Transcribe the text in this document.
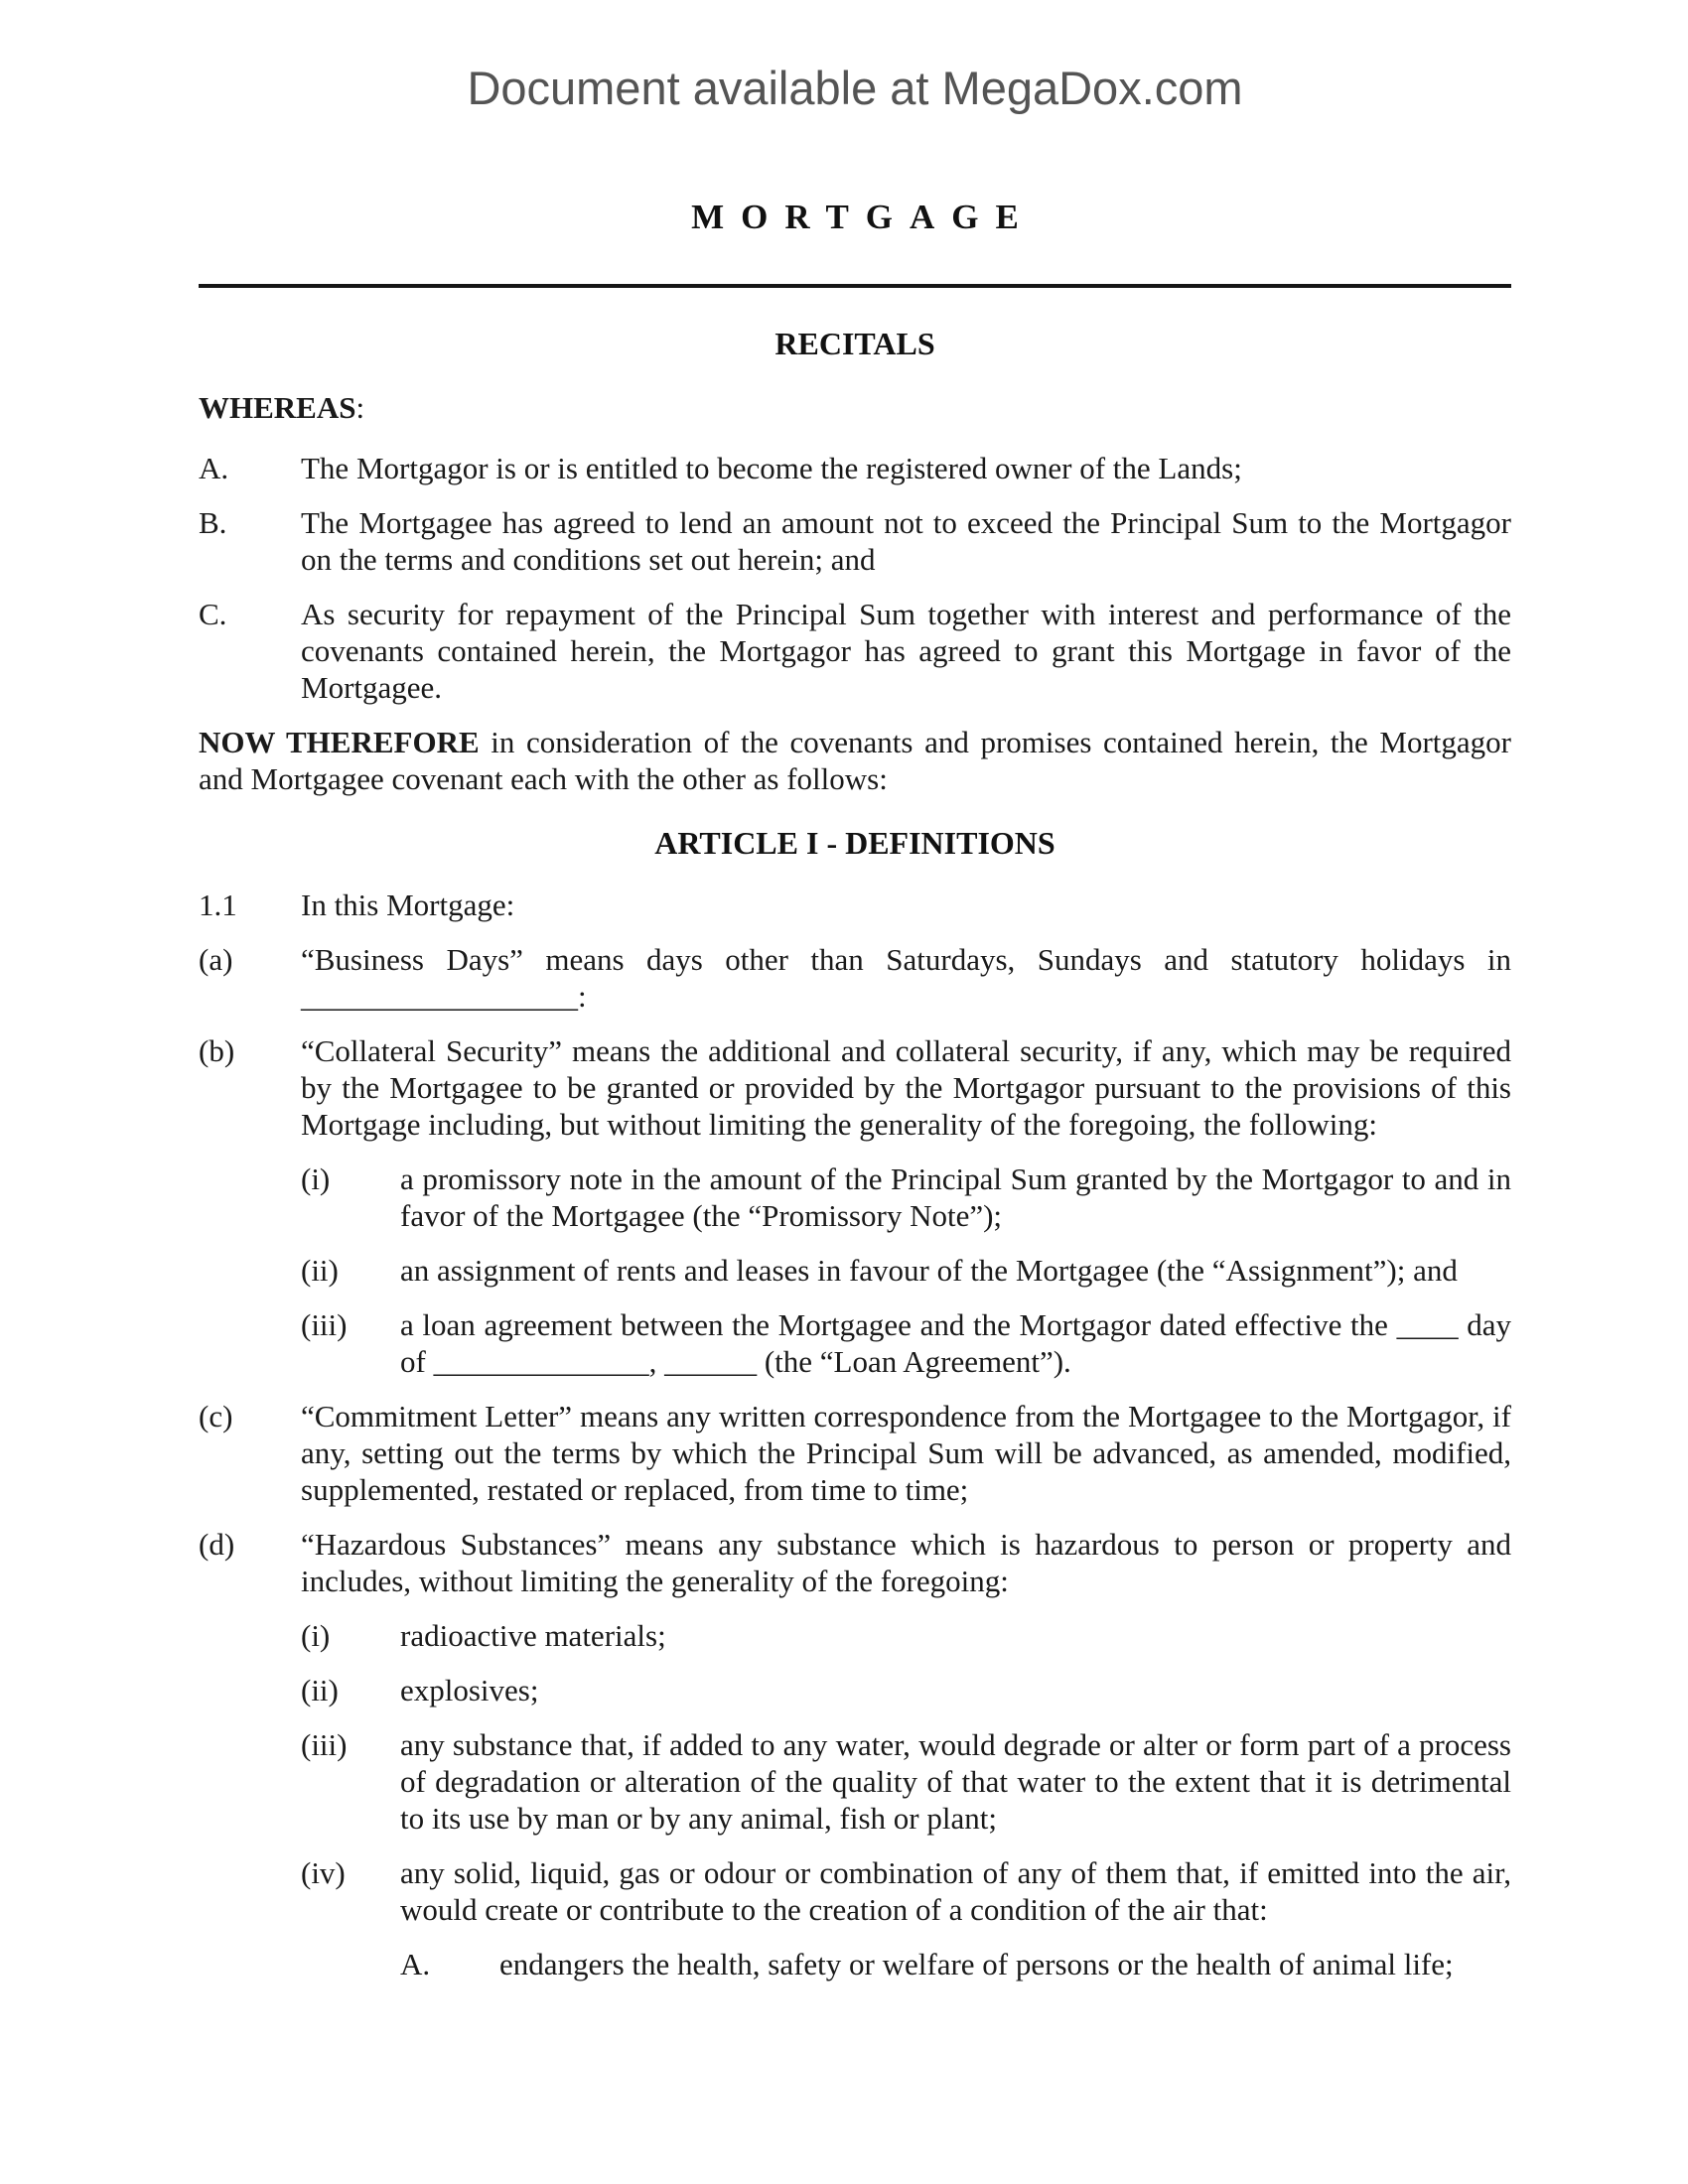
Document available at MegaDox.com
MORTGAGE
RECITALS

WHEREAS:

A.	The Mortgagor is or is entitled to become the registered owner of the Lands;
B.	The Mortgagee has agreed to lend an amount not to exceed the Principal Sum to the Mortgagor on the terms and conditions set out herein; and
C.	As security for repayment of the Principal Sum together with interest and performance of the covenants contained herein, the Mortgagor has agreed to grant this Mortgage in favor of the Mortgagee.

NOW THEREFORE in consideration of the covenants and promises contained herein, the Mortgagor and Mortgagee covenant each with the other as follows:

ARTICLE I - DEFINITIONS
1.1	In this Mortgage:
(a)	“Business Days” means days other than Saturdays, Sundays and statutory holidays in __________________:
(b)	“Collateral Security” means the additional and collateral security, if any, which may be required by the Mortgagee to be granted or provided by the Mortgagor pursuant to the provisions of this Mortgage including, but without limiting the generality of the foregoing, the following:
(i)	a promissory note in the amount of the Principal Sum granted by the Mortgagor to and in favor of the Mortgagee (the “Promissory Note”);
(ii)	an assignment of rents and leases in favour of the Mortgagee (the “Assignment”); and
(iii)	a loan agreement between the Mortgagee and the Mortgagor dated effective the ____ day of ______________, ______ (the “Loan Agreement”).
(c)	“Commitment Letter” means any written correspondence from the Mortgagee to the Mortgagor, if any, setting out the terms by which the Principal Sum will be advanced, as amended, modified, supplemented, restated or replaced, from time to time;
(d)	“Hazardous Substances” means any substance which is hazardous to person or property and includes, without limiting the generality of the foregoing:
(i)	radioactive materials;
(ii)	explosives;
(iii)	any substance that, if added to any water, would degrade or alter or form part of a process of degradation or alteration of the quality of that water to the extent that it is detrimental to its use by man or by any animal, fish or plant;
(iv)	any solid, liquid, gas or odour or combination of any of them that, if emitted into the air, would create or contribute to the creation of a condition of the air that:
A.	endangers the health, safety or welfare of persons or the health of animal life;
